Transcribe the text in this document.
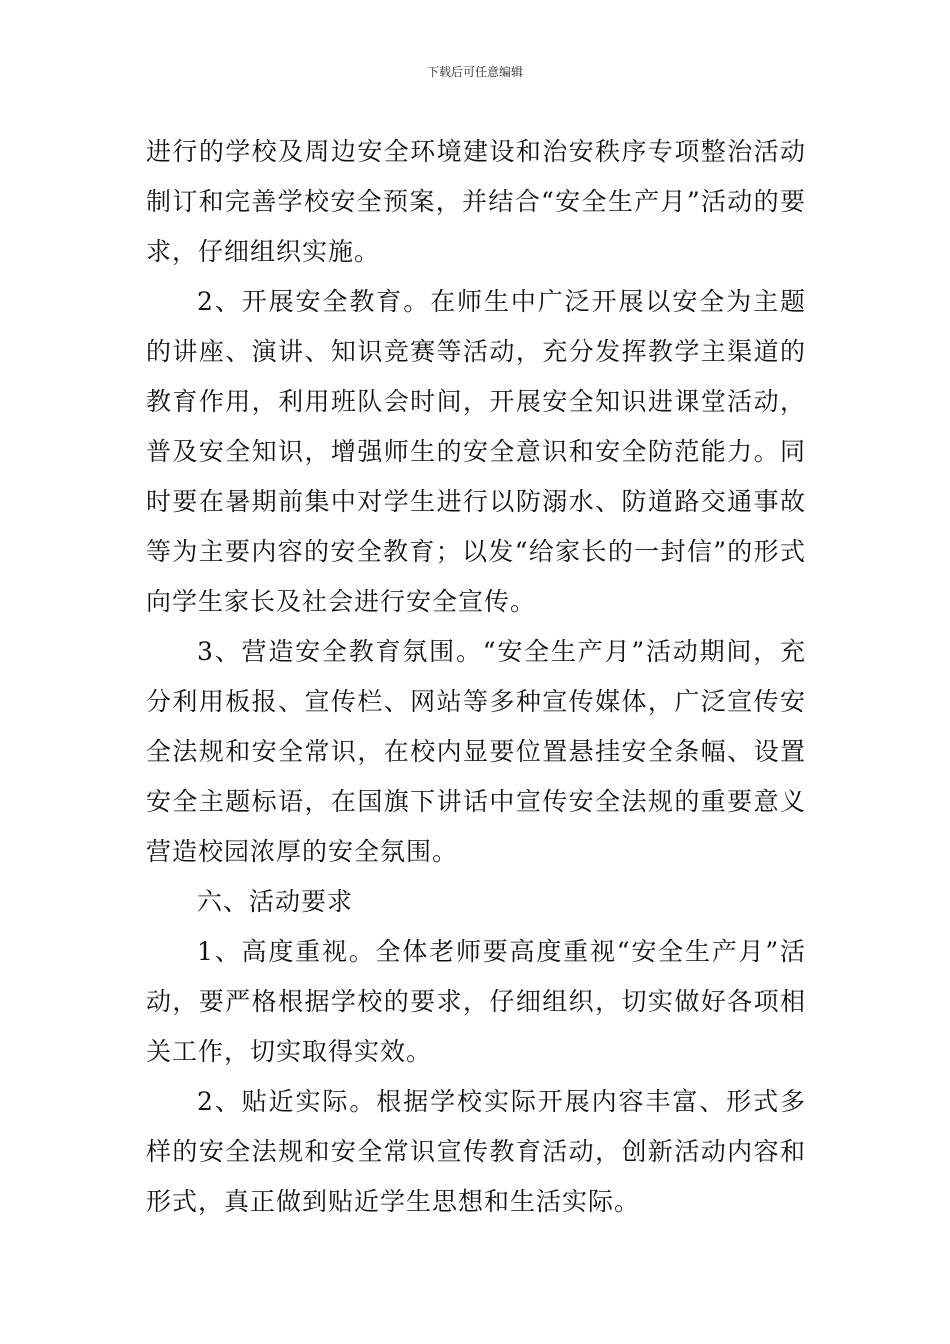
下载后可任意编辑

进行的学校及周边安全环境建设和治安秩序专项整治活动制订和完善学校安全预案，并结合“安全生产月”活动的要求，仔细组织实施。

2、开展安全教育。在师生中广泛开展以安全为主题的讲座、演讲、知识竞赛等活动，充分发挥教学主渠道的教育作用，利用班队会时间，开展安全知识进课堂活动，普及安全知识，增强师生的安全意识和安全防范能力。同时要在暑期前集中对学生进行以防溺水、防道路交通事故等为主要内容的安全教育；以发“给家长的一封信”的形式向学生家长及社会进行安全宣传。

3、营造安全教育氛围。“安全生产月”活动期间，充分利用板报、宣传栏、网站等多种宣传媒体，广泛宣传安全法规和安全常识，在校内显要位置悬挂安全条幅、设置安全主题标语，在国旗下讲话中宣传安全法规的重要意义营造校园浓厚的安全氛围。

六、活动要求

1、高度重视。全体老师要高度重视“安全生产月”活动，要严格根据学校的要求，仔细组织，切实做好各项相关工作，切实取得实效。

2、贴近实际。根据学校实际开展内容丰富、形式多样的安全法规和安全常识宣传教育活动，创新活动内容和形式，真正做到贴近学生思想和生活实际。
